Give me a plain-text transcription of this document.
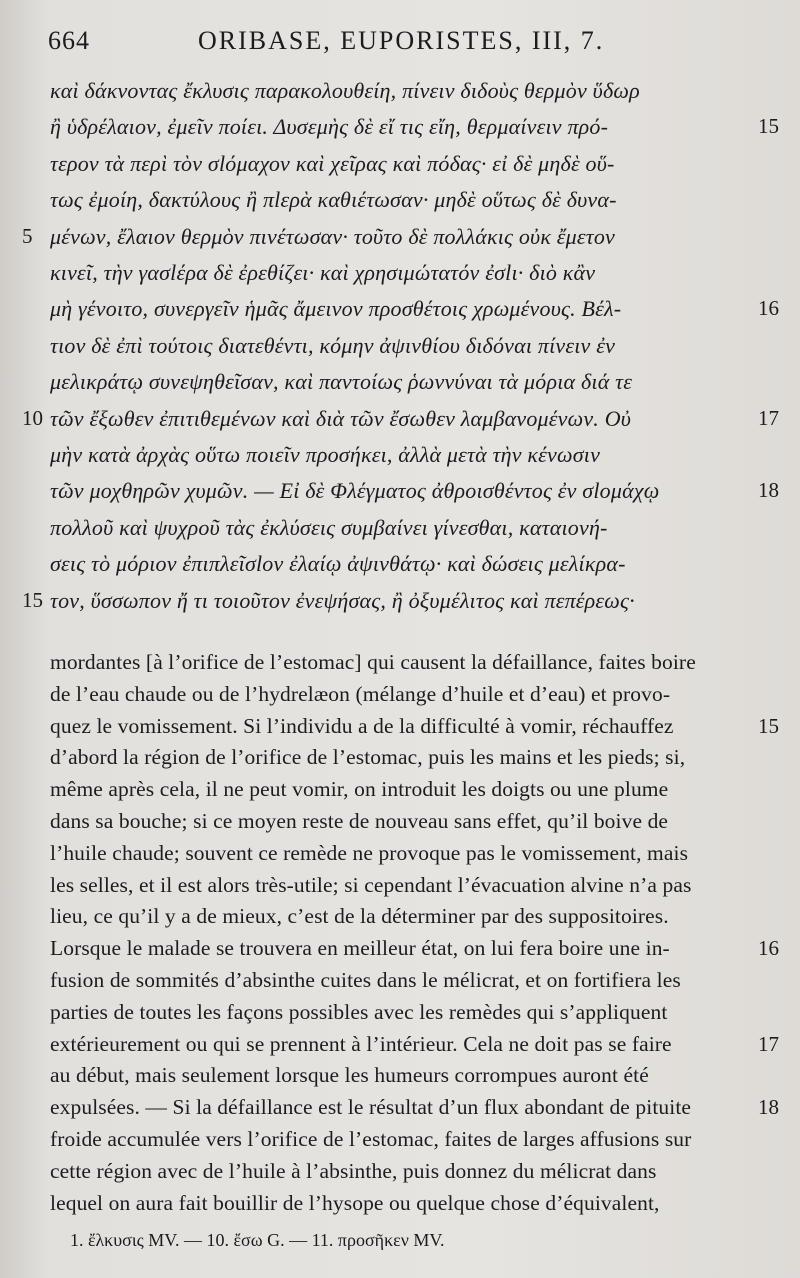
664	ORIBASE, EUPORISTES, III, 7.
καὶ δάκνοντας ἔκλυσις παρακολουθείη, πίνειν διδοὺς θερμὸν ὕδωρ
ἢ ὑδρέλαιον, ἐμεῖν ποίει. Δυσεμὴς δὲ εἴ τις εἴη, θερμαίνειν πρό-	15
τερον τὰ περὶ τὸν σlόμαχον καὶ χεῖρας καὶ πόδας· εἰ δὲ μηδὲ οὕ-
τως ἐμοίη, δακτύλους ἢ πlερὰ καθιέτωσαν· μηδὲ οὕτως δὲ δυνα-
5 μένων, ἔλαιον θερμὸν πινέτωσαν· τοῦτο δὲ πολλάκις οὐκ ἔμετον
κινεῖ, τὴν γασlέρα δὲ ἐρεθίζει· καὶ χρησιμώτατόν ἐσlι· διὸ κἂν
μὴ γένοιτο, συνεργεῖν ἡμᾶς ἄμεινον προσθέτοις χρωμένους. Βέλ-	16
τιον δὲ ἐπὶ τούτοις διατεθέντι, κόμην ἀψινθίου διδόναι πίνειν ἐν
μελικράτῳ συνεψηθεῖσαν, καὶ παντοίως ῥωννύναι τὰ μόρια διά τε
10 τῶν ἔξωθεν ἐπιτιθεμένων καὶ διὰ τῶν ἔσωθεν λαμβανομένων. Οὐ	17
μὴν κατὰ ἀρχὰς οὕτω ποιεῖν προσήκει, ἀλλὰ μετὰ τὴν κένωσιν
τῶν μοχθηρῶν χυμῶν. — Εἰ δὲ Φλέγματος ἀθροισθέντος ἐν σlομάχῳ	18
πολλοῦ καὶ ψυχροῦ τὰς ἐκλύσεις συμβαίνει γίνεσθαι, καταιονή-
σεις τὸ μόριον ἐπιπλεῖσlον ἐλαίῳ ἀψινθάτῳ· καὶ δώσεις μελίκρα-
15 τον, ὕσσωπον ἤ τι τοιοῦτον ἐνεψήσας, ἢ ὀξυμέλιτος καὶ πεπέρεως·
mordantes [à l’orifice de l’estomac] qui causent la défaillance, faites boire
de l’eau chaude ou de l’hydrelæon (mélange d’huile et d’eau) et provo-
quez le vomissement. Si l’individu a de la difficulté à vomir, réchauffez	15
d’abord la région de l’orifice de l’estomac, puis les mains et les pieds; si,
même après cela, il ne peut vomir, on introduit les doigts ou une plume
dans sa bouche; si ce moyen reste de nouveau sans effet, qu’il boive de
l’huile chaude; souvent ce remède ne provoque pas le vomissement, mais
les selles, et il est alors très-utile; si cependant l’évacuation alvine n’a pas
lieu, ce qu’il y a de mieux, c’est de la déterminer par des suppositoires.
Lorsque le malade se trouvera en meilleur état, on lui fera boire une in-	16
fusion de sommités d’absinthe cuites dans le mélicrat, et on fortifiera les
parties de toutes les façons possibles avec les remèdes qui s’appliquent
extérieurement ou qui se prennent à l’intérieur. Cela ne doit pas se faire	17
au début, mais seulement lorsque les humeurs corrompues auront été
expulsées. — Si la défaillance est le résultat d’un flux abondant de pituite	18
froide accumulée vers l’orifice de l’estomac, faites de larges affusions sur
cette région avec de l’huile à l’absinthe, puis donnez du mélicrat dans
lequel on aura fait bouillir de l’hysope ou quelque chose d’équivalent,
1. ἔλκυσις MV. — 10. ἔσω G. — 11. προσῆκεν MV.
